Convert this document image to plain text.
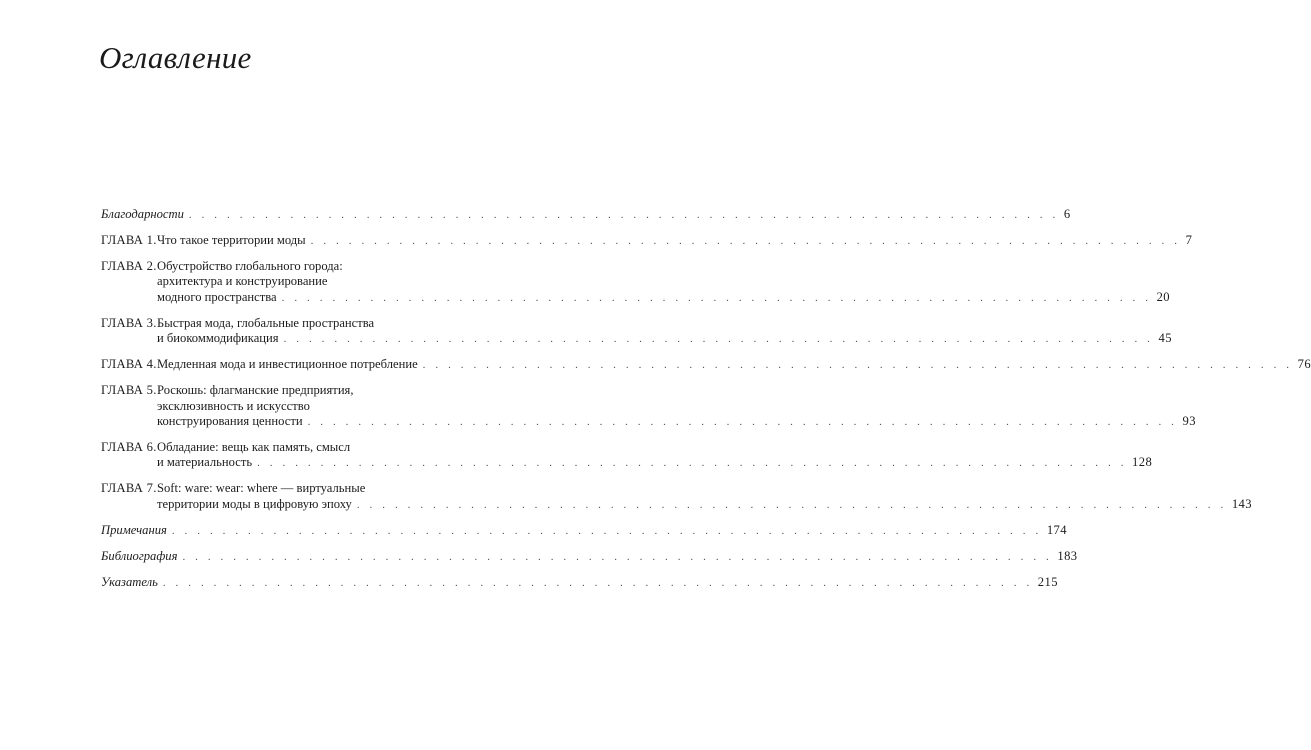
Оглавление
Благодарности . . . . . . . . . . . . . . . . . . . . . . . . . . . . . . . . . . . . . . . . . . . . . . . . . . . . . . . . . . . . . . . . . . . . . 6
ГЛАВА 1. Что такое территории моды . . . . . . . . . . . . . . . . . . . . . . . . . . . . . . . . . . . . . . . . . . . . . . . . . . . . . . . . . . . . . . . . . . . . . 7
ГЛАВА 2. Обустройство глобального города:
архитектура и конструирование
модного пространства . . . . . . . . . . . . . . . . . . . . . . . . . . . . . . . . . . . . . . . . . . . . . . . . . . . . . . . . . . . . . . . . . . . . . 20
ГЛАВА 3. Быстрая мода, глобальные пространства
и биокоммодификация . . . . . . . . . . . . . . . . . . . . . . . . . . . . . . . . . . . . . . . . . . . . . . . . . . . . . . . . . . . . . . . . . . . . . 45
ГЛАВА 4. Медленная мода и инвестиционное потребление . . . . . . . . . . . . . . . . . . . . . . . . . . . . . . . . . . . . . . . . . . . . . . . . . . . . . . . . . . . . . . . . . . . . . 76
ГЛАВА 5. Роскошь: флагманские предприятия,
эксклюзивность и искусство
конструирования ценности . . . . . . . . . . . . . . . . . . . . . . . . . . . . . . . . . . . . . . . . . . . . . . . . . . . . . . . . . . . . . . . . . . . . . 93
ГЛАВА 6. Обладание: вещь как память, смысл
и материальность . . . . . . . . . . . . . . . . . . . . . . . . . . . . . . . . . . . . . . . . . . . . . . . . . . . . . . . . . . . . . . . . . . . . . 128
ГЛАВА 7. Soft: ware: wear: where — виртуальные
территории моды в цифровую эпоху . . . . . . . . . . . . . . . . . . . . . . . . . . . . . . . . . . . . . . . . . . . . . . . . . . . . . . . . . . . . . . . . . . . . . 143
Примечания . . . . . . . . . . . . . . . . . . . . . . . . . . . . . . . . . . . . . . . . . . . . . . . . . . . . . . . . . . . . . . . . . . . . . 174
Библиография . . . . . . . . . . . . . . . . . . . . . . . . . . . . . . . . . . . . . . . . . . . . . . . . . . . . . . . . . . . . . . . . . . . . . 183
Указатель . . . . . . . . . . . . . . . . . . . . . . . . . . . . . . . . . . . . . . . . . . . . . . . . . . . . . . . . . . . . . . . . . . . . . 215
